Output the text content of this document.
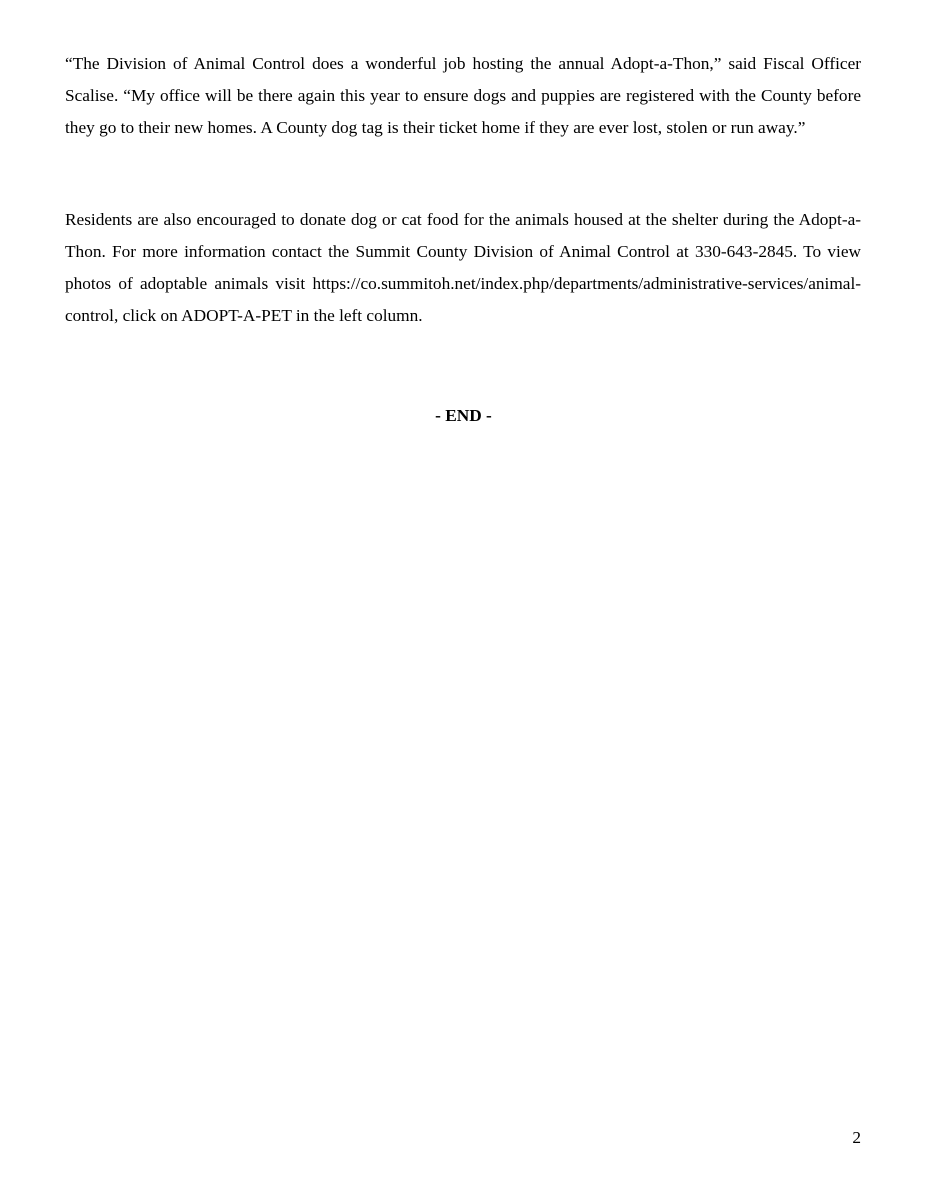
“The Division of Animal Control does a wonderful job hosting the annual Adopt-a-Thon,” said Fiscal Officer Scalise. “My office will be there again this year to ensure dogs and puppies are registered with the County before they go to their new homes. A County dog tag is their ticket home if they are ever lost, stolen or run away.”

Residents are also encouraged to donate dog or cat food for the animals housed at the shelter during the Adopt-a-Thon. For more information contact the Summit County Division of Animal Control at 330-643-2845. To view photos of adoptable animals visit https://co.summitoh.net/index.php/departments/administrative-services/animal-control, click on ADOPT-A-PET in the left column.

- END -

2
